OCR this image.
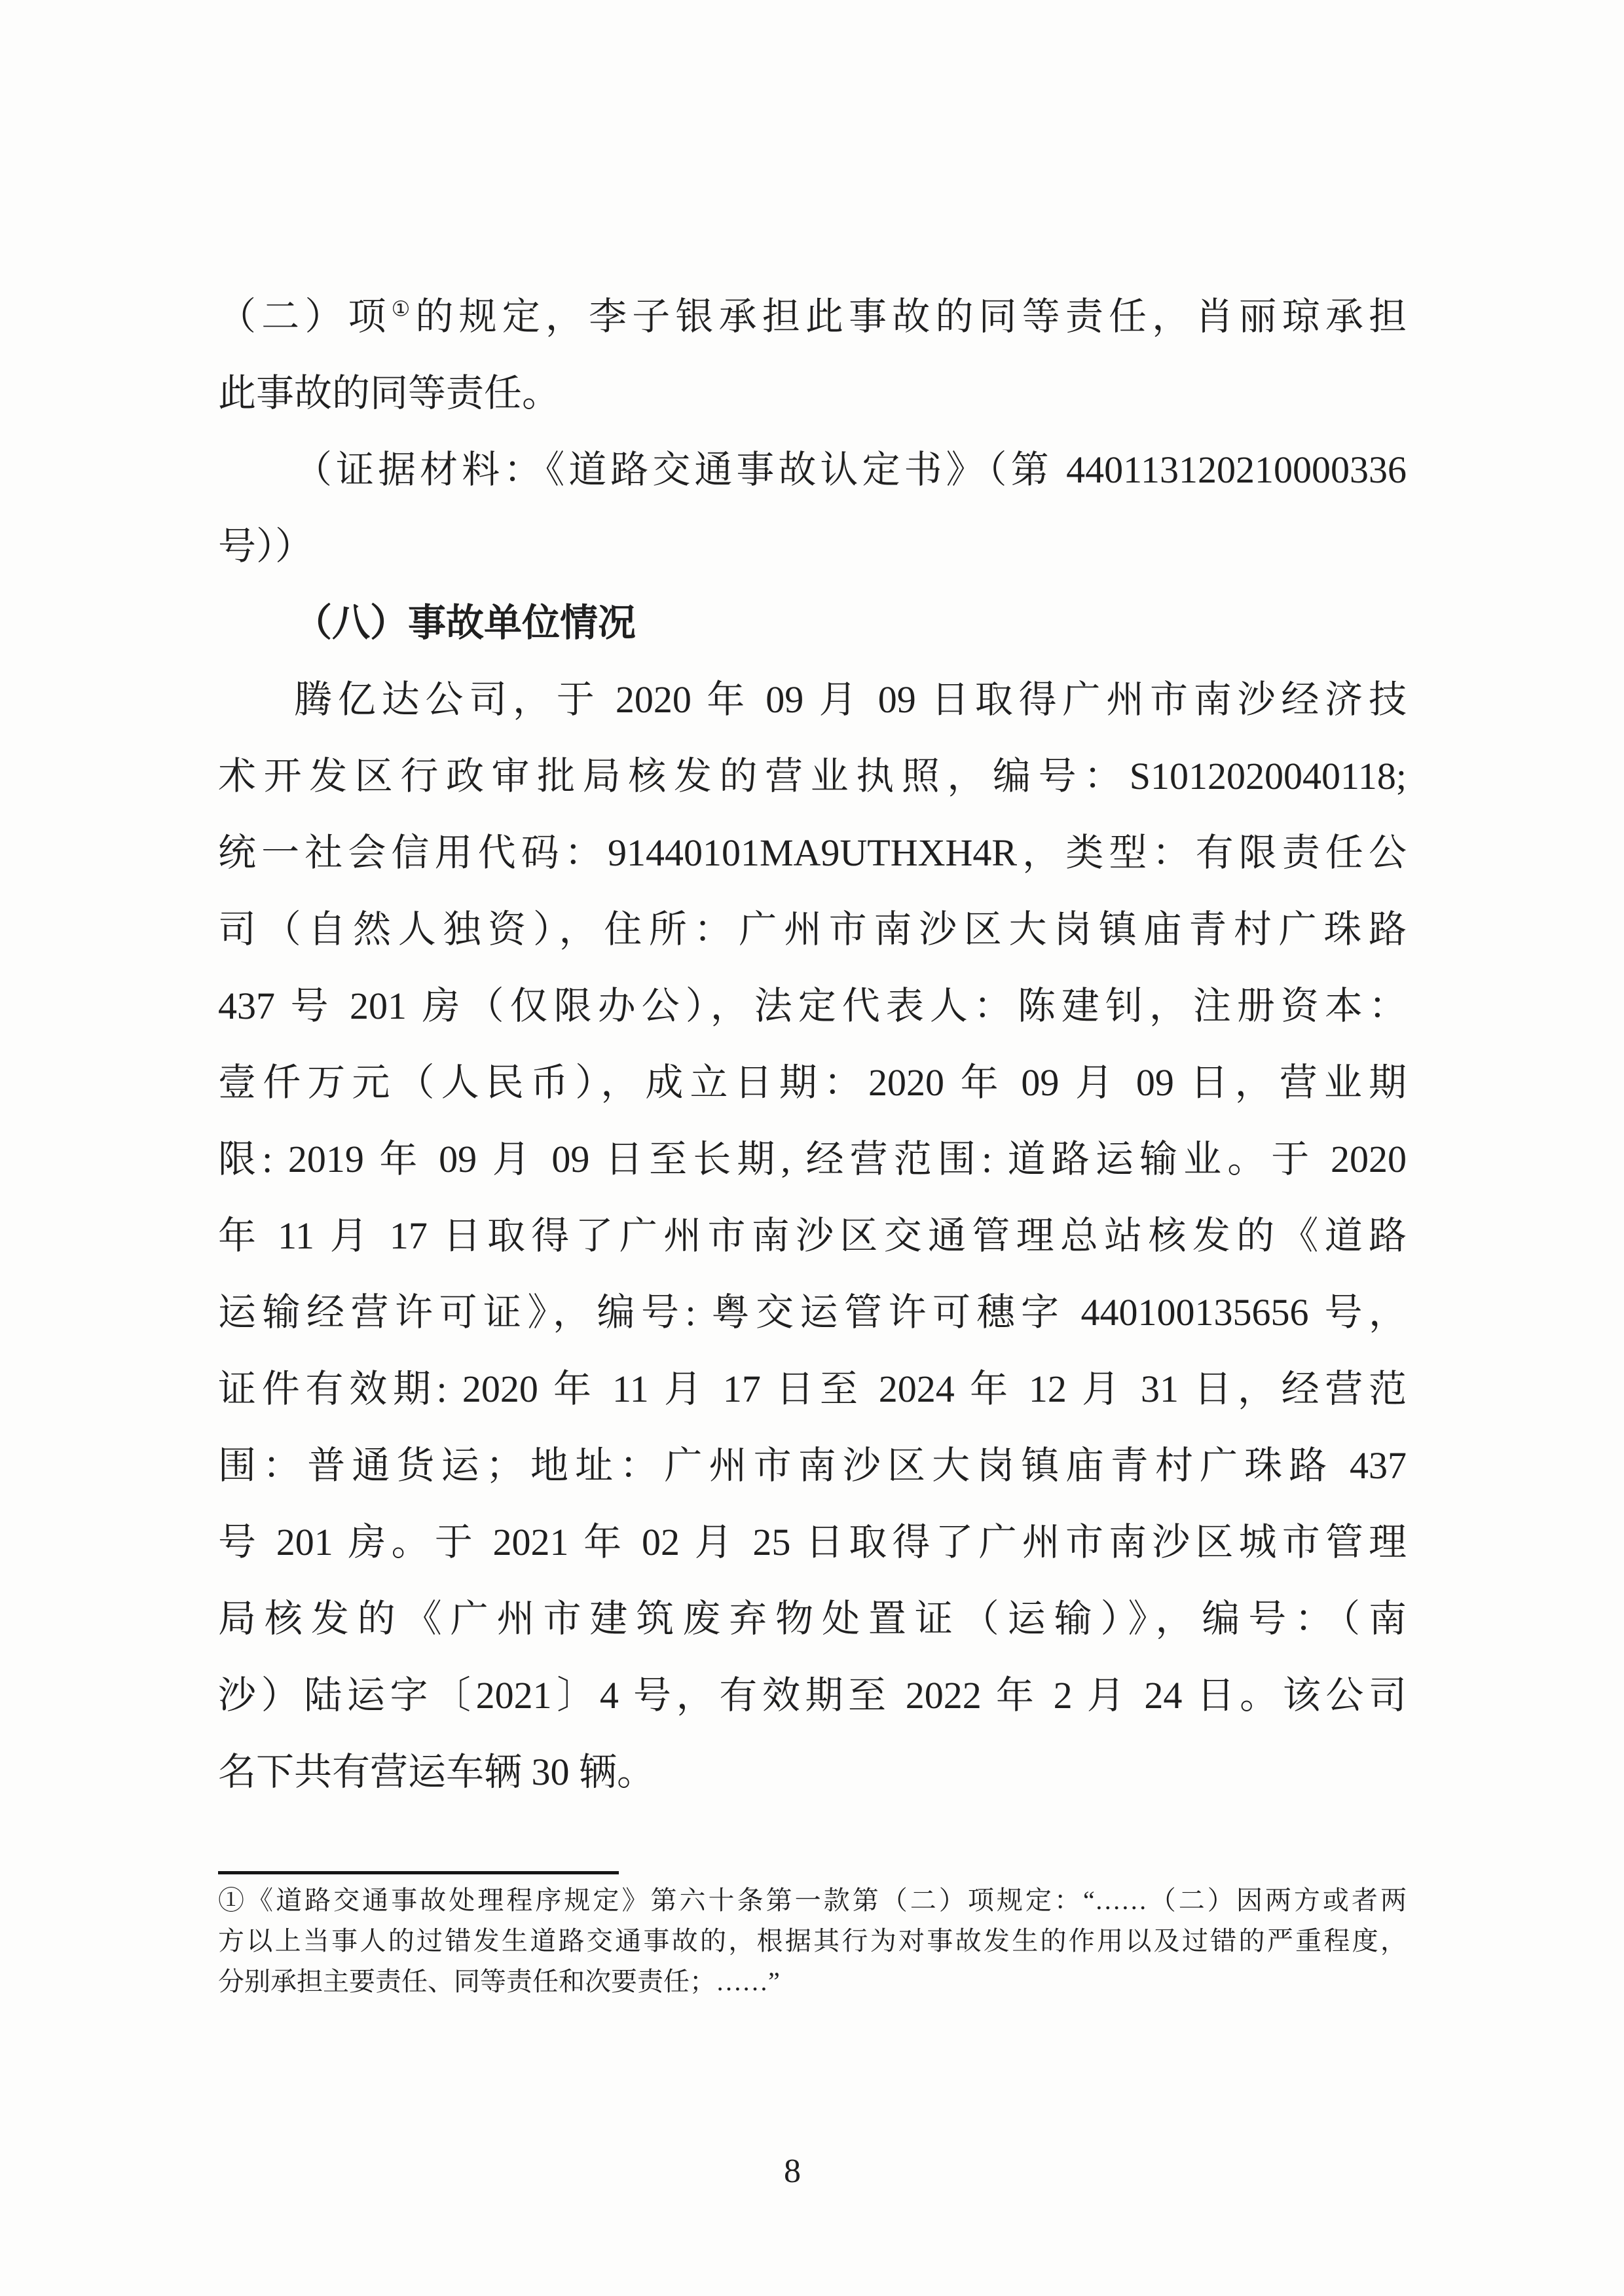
（二）项①的规定，李子银承担此事故的同等责任，肖丽琼承担
此事故的同等责任。
（证据材料：《道路交通事故认定书》（第 440113120210000336
号））
（八）事故单位情况
腾亿达公司，于 2020 年 09 月 09 日取得广州市南沙经济技
术开发区行政审批局核发的营业执照，编号：S1012020040118;
统一社会信用代码：91440101MA9UTHXH4R，类型：有限责任公
司（自然人独资），住所：广州市南沙区大岗镇庙青村广珠路
437 号 201 房（仅限办公），法定代表人：陈建钊，注册资本：
壹仟万元（人民币），成立日期：2020 年 09 月 09 日，营业期
限: 2019 年 09 月 09 日至长期, 经营范围: 道路运输业。于 2020
年 11 月 17 日取得了广州市南沙区交通管理总站核发的《道路
运输经营许可证》，编号: 粤交运管许可穗字 440100135656 号，
证件有效期: 2020 年 11 月 17 日至 2024 年 12 月 31 日，经营范
围：普通货运；地址：广州市南沙区大岗镇庙青村广珠路 437
号 201 房。于 2021 年 02 月 25 日取得了广州市南沙区城市管理
局核发的《广州市建筑废弃物处置证（运输）》，编号：（南
沙）陆运字〔2021〕4 号，有效期至 2022 年 2 月 24 日。该公司
名下共有营运车辆 30 辆。
①《道路交通事故处理程序规定》第六十条第一款第（二）项规定：“……（二）因两方或者两
方以上当事人的过错发生道路交通事故的，根据其行为对事故发生的作用以及过错的严重程度，
分别承担主要责任、同等责任和次要责任；……”
8
